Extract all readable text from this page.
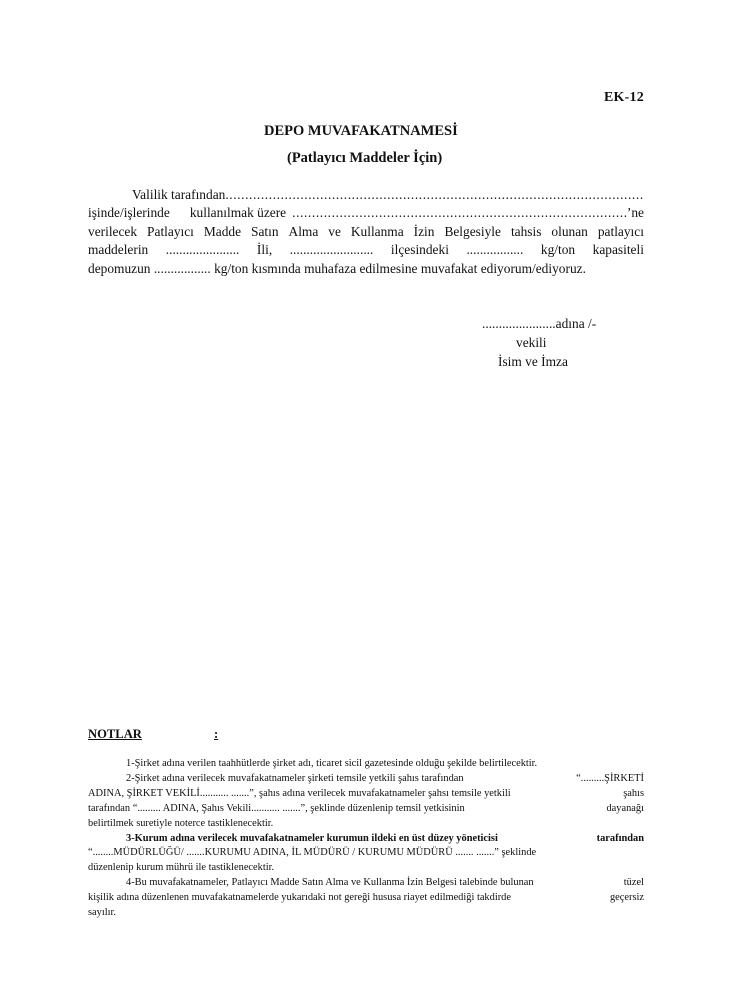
EK-12
DEPO MUVAFAKATNAMESİ
(Patlayıcı Maddeler İçin)
Valilik tarafından
.....
işinde/işlerinde kullanılmak üzere
.....	’ne
verilecek Patlayıcı Madde Satın Alma ve Kullanma İzin Belgesiyle tahsis olunan patlayıcı
maddelerin ...................... İli, ......................... ilçesindeki ................. kg/ton kapasiteli
depomuzun ................. kg/ton kısmında muhafaza edilmesine muvafakat ediyorum/ediyoruz.
......................adına /-
vekili
İsim ve İmza
NOTLAR	:
1-Şirket adına verilen taahhütlerde şirket adı, ticaret sicil gazetesinde olduğu şekilde belirtilecektir.
2-Şirket adına verilecek muvafakatnameler şirketi temsile yetkili şahıs tarafından	“.........ŞİRKETİ
ADINA, ŞİRKET VEKİLİ........... .......”, şahıs adına verilecek muvafakatnameler şahsı temsile yetkili	şahıs
tarafından “......... ADINA, Şahıs Vekili........... .......”, şeklinde düzenlenip temsil yetkisinin	dayanağı
belirtilmek suretiyle noterce tastiklenecektir.
3-Kurum adına verilecek muvafakatnameler kurumun ildeki en üst düzey yöneticisi	tarafından
“........MÜDÜRLÜĞÜ/ .......KURUMU ADINA, İL MÜDÜRÜ / KURUMU MÜDÜRÜ ....... .......” şeklinde
düzenlenip kurum mührü ile tastiklenecektir.
4-Bu muvafakatnameler, Patlayıcı Madde Satın Alma ve Kullanma İzin Belgesi talebinde bulunan	tüzel
kişilik adına düzenlenen muvafakatnamelerde yukarıdaki not gereği hususa riayet edilmediği takdirde	geçersiz
sayılır.
